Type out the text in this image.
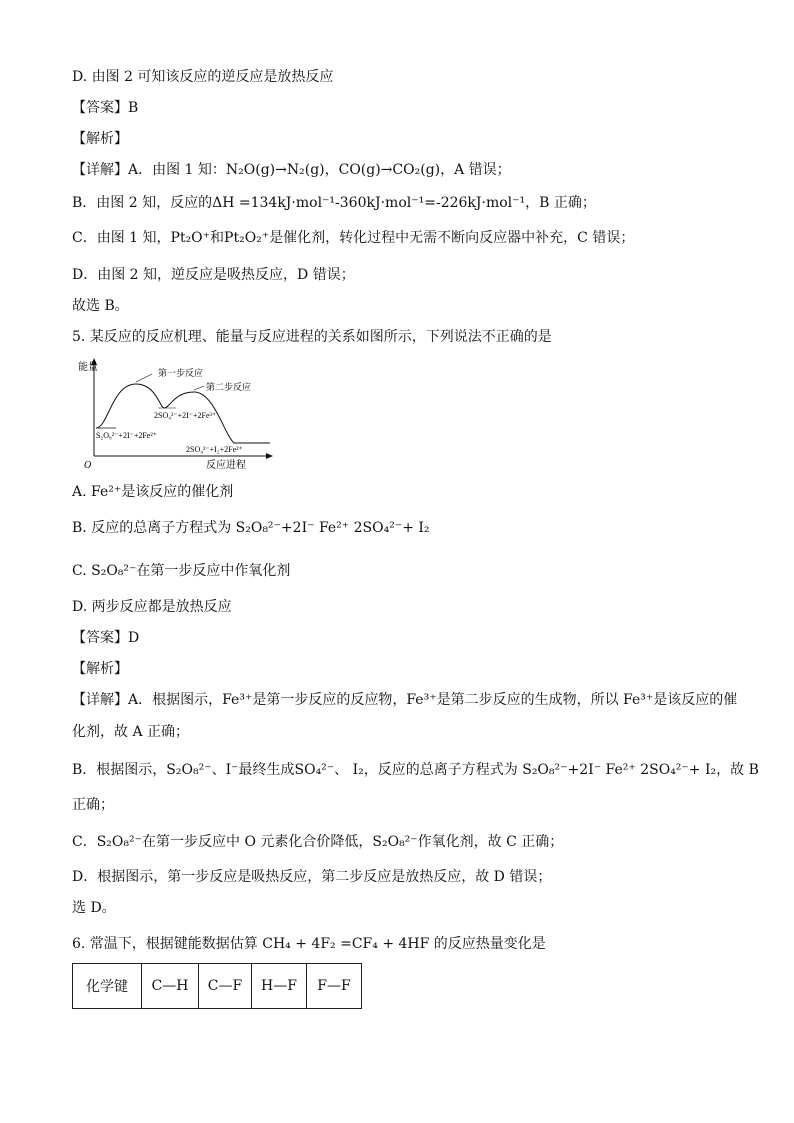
D. 由图 2 可知该反应的逆反应是放热反应
【答案】B
【解析】
【详解】A．由图 1 知：N₂O(g)→N₂(g)，CO(g)→CO₂(g)，A 错误；
B．由图 2 知，反应的ΔH =134kJ·mol⁻¹-360kJ·mol⁻¹=-226kJ·mol⁻¹，B 正确；
C．由图 1 知，Pt₂O⁺和Pt₂O₂⁺是催化剂，转化过程中无需不断向反应器中补充，C 错误；
D．由图 2 知，逆反应是吸热反应，D 错误；
故选 B。
5. 某反应的反应机理、能量与反应进程的关系如图所示，下列说法不正确的是
能量
O	反应进程
第一步反应
第二步反应
2SO₄²⁻+2I⁻+2Fe³⁺
S₂O₈²⁻+2I⁻+2Fe²⁺
2SO₄²⁻+I₂+2Fe²⁺
A. Fe²⁺是该反应的催化剂
B. 反应的总离子方程式为 S₂O₈²⁻+2I⁻ Fe²⁺ 2SO₄²⁻+ I₂
C. S₂O₈²⁻在第一步反应中作氧化剂
D. 两步反应都是放热反应
【答案】D
【解析】
【详解】A．根据图示，Fe³⁺是第一步反应的反应物，Fe³⁺是第二步反应的生成物，所以 Fe³⁺是该反应的催
化剂，故 A 正确；
B．根据图示，S₂O₈²⁻、I⁻最终生成SO₄²⁻、 I₂，反应的总离子方程式为 S₂O₈²⁻+2I⁻ Fe²⁺ 2SO₄²⁻+ I₂，故 B
正确；
C．S₂O₈²⁻在第一步反应中 O 元素化合价降低，S₂O₈²⁻作氧化剂，故 C 正确；
D．根据图示，第一步反应是吸热反应，第二步反应是放热反应，故 D 错误；
选 D。
6. 常温下，根据键能数据估算 CH₄ + 4F₂ =CF₄ + 4HF 的反应热量变化是
化学键	C—H	C—F	H—F	F—F
